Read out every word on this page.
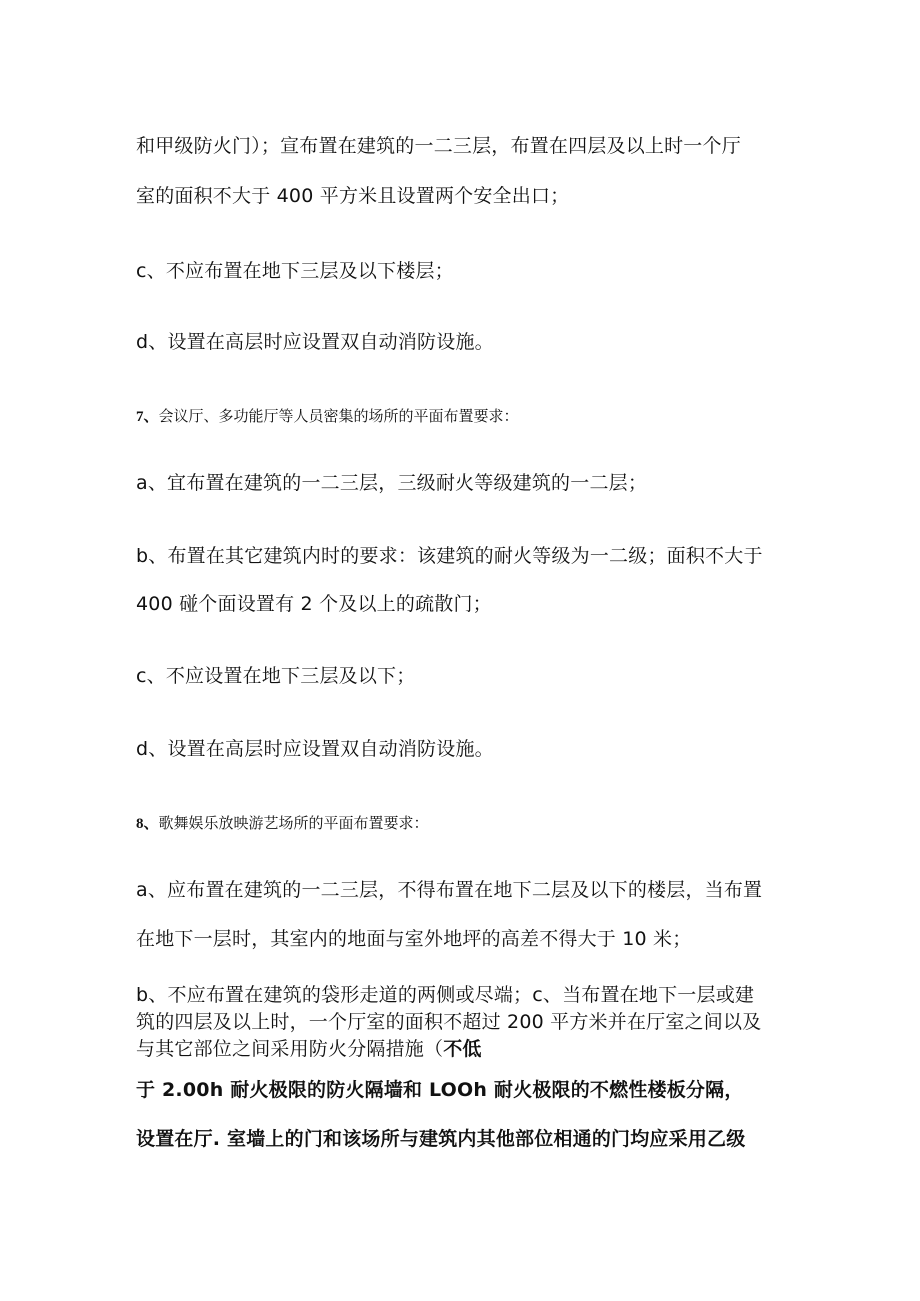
和甲级防火门）；宣布置在建筑的一二三层，布置在四层及以上时一个厅
室的面积不大于 400 平方米且设置两个安全出口；
c、不应布置在地下三层及以下楼层；
d、设置在高层时应设置双自动消防设施。
7、会议厅、多功能厅等人员密集的场所的平面布置要求：
a、宜布置在建筑的一二三层，三级耐火等级建筑的一二层；
b、布置在其它建筑内时的要求：该建筑的耐火等级为一二级；面积不大于
400 碰个面设置有 2 个及以上的疏散门；
c、不应设置在地下三层及以下；
d、设置在高层时应设置双自动消防设施。
8、歌舞娱乐放映游艺场所的平面布置要求：
a、应布置在建筑的一二三层，不得布置在地下二层及以下的楼层，当布置
在地下一层时，其室内的地面与室外地坪的高差不得大于 10 米；
b、不应布置在建筑的袋形走道的两侧或尽端；c、当布置在地下一层或建
筑的四层及以上时，一个厅室的面积不超过 200 平方米并在厅室之间以及
与其它部位之间采用防火分隔措施（不低
于 2.00h 耐火极限的防火隔墙和 LOOh 耐火极限的不燃性楼板分隔，
设置在厅. 室墙上的门和该场所与建筑内其他部位相通的门均应采用乙级
